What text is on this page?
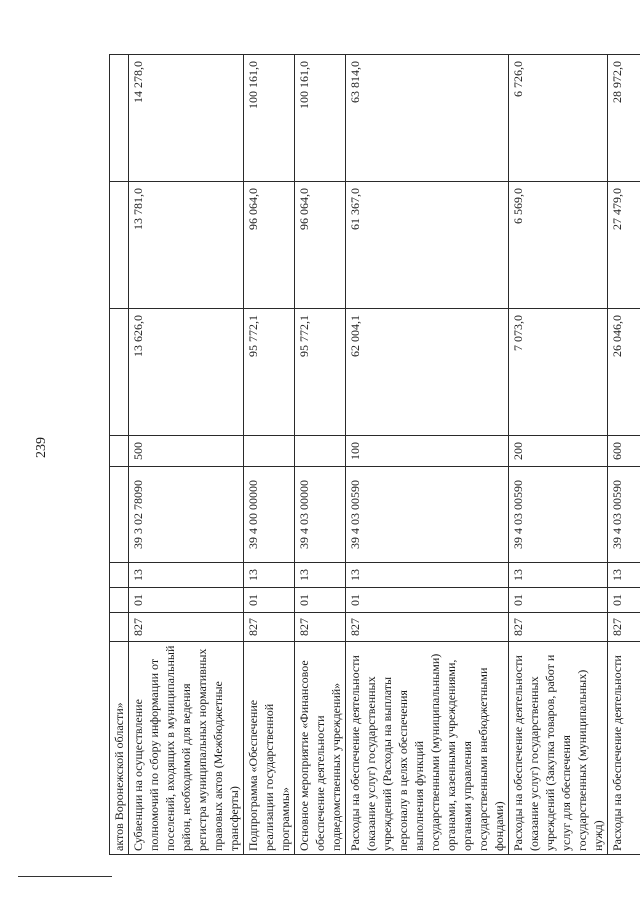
239
актов Воронежской области»								
Субвенции на осуществление полномочий по сбору информации от поселений, входящих в муниципальный район, необходимой для ведения регистра муниципальных нормативных правовых актов (Межбюджетные трансферты)	827	01	13	39 3 02 78090	500	13 626,0	13 781,0	14 278,0
Подпрограмма «Обеспечение реализации государственной программы»	827	01	13	39 4 00 00000		95 772,1	96 064,0	100 161,0
Основное мероприятие «Финансовое обеспечение деятельности подведомственных учреждений»	827	01	13	39 4 03 00000		95 772,1	96 064,0	100 161,0
Расходы на обеспечение деятельности (оказание услуг) государственных учреждений (Расходы на выплаты персоналу в целях обеспечения выполнения функций государственными (муниципальными) органами, казенными учреждениями, органами управления государственными внебюджетными фондами)	827	01	13	39 4 03 00590	100	62 004,1	61 367,0	63 814,0
Расходы на обеспечение деятельности (оказание услуг) государственных учреждений (Закупка товаров, работ и услуг для обеспечения государственных (муниципальных) нужд)	827	01	13	39 4 03 00590	200	7 073,0	6 569,0	6 726,0
Расходы на обеспечение деятельности	827	01	13	39 4 03 00590	600	26 046,0	27 479,0	28 972,0
